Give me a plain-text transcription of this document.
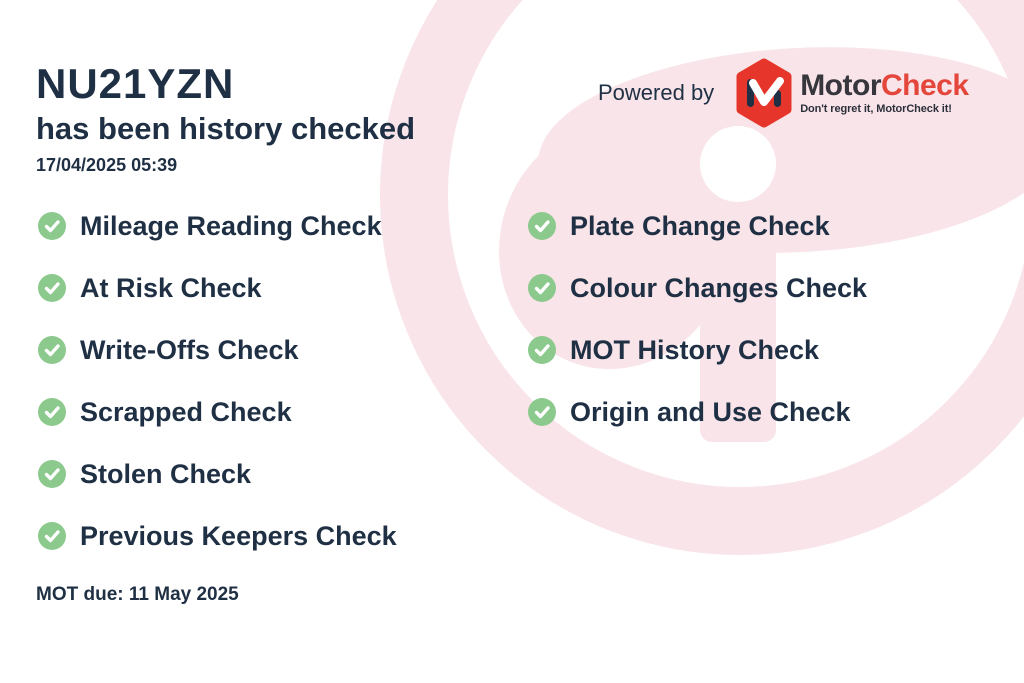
NU21YZN
has been history checked
17/04/2025 05:39
Powered by	MotorCheck
Don't regret it, MotorCheck it!
Mileage Reading Check
At Risk Check
Write-Offs Check
Scrapped Check
Stolen Check
Previous Keepers Check
Plate Change Check
Colour Changes Check
MOT History Check
Origin and Use Check
MOT due: 11 May 2025
